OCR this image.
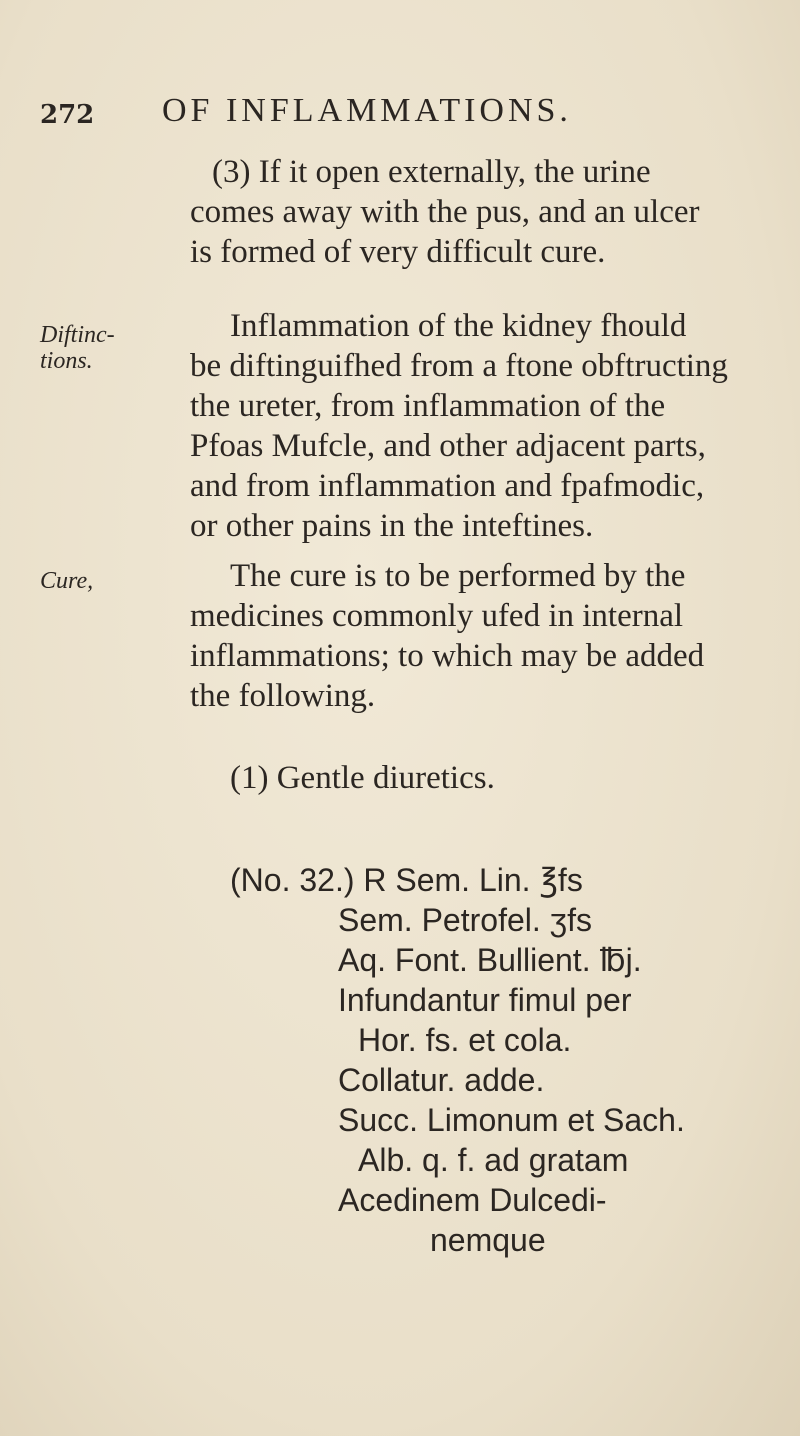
272 OF INFLAMMATIONS.
(3) If it open externally, the urine
comes away with the pus, and an ulcer
is formed of very difficult cure.
Diftinc-
tions.
Inflammation of the kidney fhould
be diftinguifhed from a ftone obftructing
the ureter, from inflammation of the
Pfoas Mufcle, and other adjacent parts,
and from inflammation and fpafmodic,
or other pains in the inteftines.
Cure,	The cure is to be performed by the
medicines commonly ufed in internal
inflammations; to which may be added
the following.
(1) Gentle diuretics.
(No. 32.) R Sem. Lin. ℥fs
Sem. Petrofel. ʒfs
Aq. Font. Bullient. ℔j.
Infundantur fimul per
Hor. fs. et cola.
Collatur. adde.
Succ. Limonum et Sach.
Alb. q. f. ad gratam
Acedinem Dulcedi-
nemque
